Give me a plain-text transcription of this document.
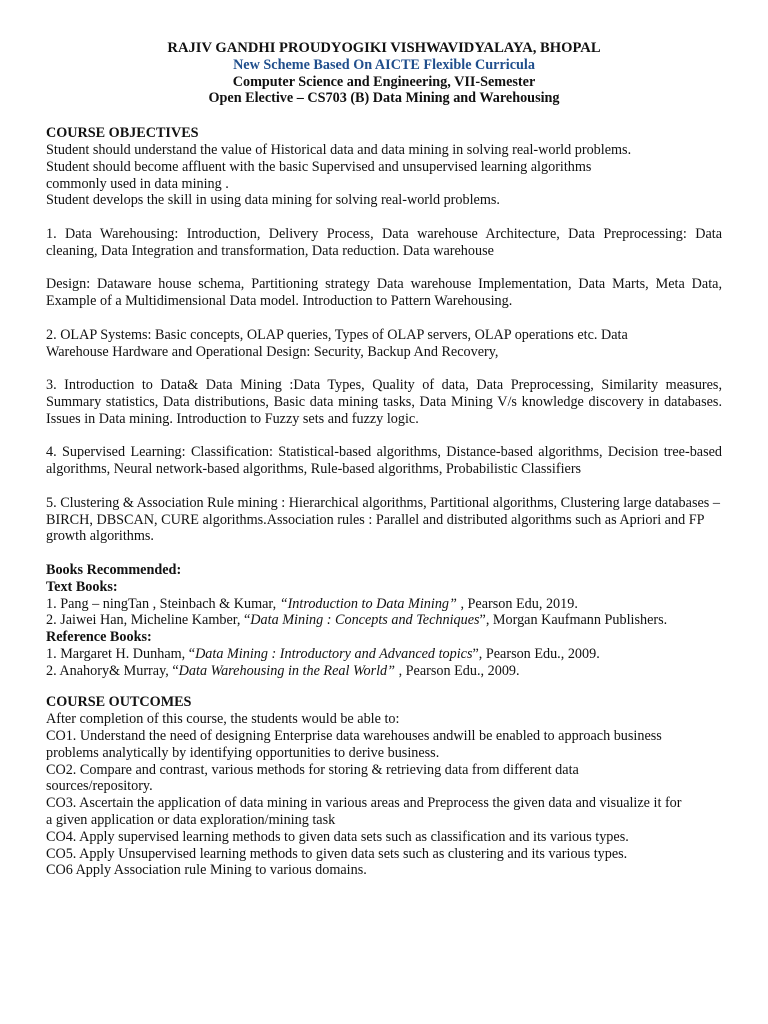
RAJIV GANDHI PROUDYOGIKI VISHWAVIDYALAYA, BHOPAL
New Scheme Based On AICTE Flexible Curricula
Computer Science and Engineering, VII-Semester
Open Elective – CS703 (B) Data Mining and Warehousing
COURSE OBJECTIVES

Student should understand the value of Historical data and data mining in solving real-world problems.

Student should become affluent with the basic Supervised and unsupervised learning algorithms commonly used in data mining .

Student develops the skill in using data mining for solving real-world problems.

1. Data Warehousing: Introduction, Delivery Process, Data warehouse Architecture, Data Preprocessing: Data cleaning, Data Integration and transformation, Data reduction. Data warehouse

Design: Dataware house schema, Partitioning strategy Data warehouse Implementation, Data Marts, Meta Data, Example of a Multidimensional Data model. Introduction to Pattern Warehousing.

2. OLAP Systems: Basic concepts, OLAP queries, Types of OLAP servers, OLAP operations etc. Data Warehouse Hardware and Operational Design: Security, Backup And Recovery,

3. Introduction to Data& Data Mining :Data Types, Quality of data, Data Preprocessing, Similarity measures, Summary statistics, Data distributions, Basic data mining tasks, Data Mining V/s knowledge discovery in databases. Issues in Data mining. Introduction to Fuzzy sets and fuzzy logic.

4. Supervised Learning: Classification: Statistical-based algorithms, Distance-based algorithms, Decision tree-based algorithms, Neural network-based algorithms, Rule-based algorithms, Probabilistic Classifiers

5. Clustering & Association Rule mining : Hierarchical algorithms, Partitional algorithms, Clustering large databases – BIRCH, DBSCAN, CURE algorithms.Association rules : Parallel and distributed algorithms such as Apriori and FP growth algorithms.

Books Recommended:
Text Books:

1. Pang – ningTan , Steinbach & Kumar, “Introduction to Data Mining” , Pearson Edu, 2019.

2. Jaiwei Han, Micheline Kamber, “Data Mining : Concepts and Techniques”, Morgan Kaufmann Publishers.

Reference Books:

1. Margaret H. Dunham, “Data Mining : Introductory and Advanced topics”, Pearson Edu., 2009.

2. Anahory& Murray, “Data Warehousing in the Real World” , Pearson Edu., 2009.

COURSE OUTCOMES

After completion of this course, the students would be able to:

CO1. Understand the need of designing Enterprise data warehouses andwill be enabled to approach business problems analytically by identifying opportunities to derive business.

CO2. Compare and contrast, various methods for storing & retrieving data from different data sources/repository.

CO3. Ascertain the application of data mining in various areas and Preprocess the given data and visualize it for a given application or data exploration/mining task

CO4. Apply supervised learning methods to given data sets such as classification and its various types.

CO5. Apply Unsupervised learning methods to given data sets such as clustering and its various types.

CO6 Apply Association rule Mining to various domains.
